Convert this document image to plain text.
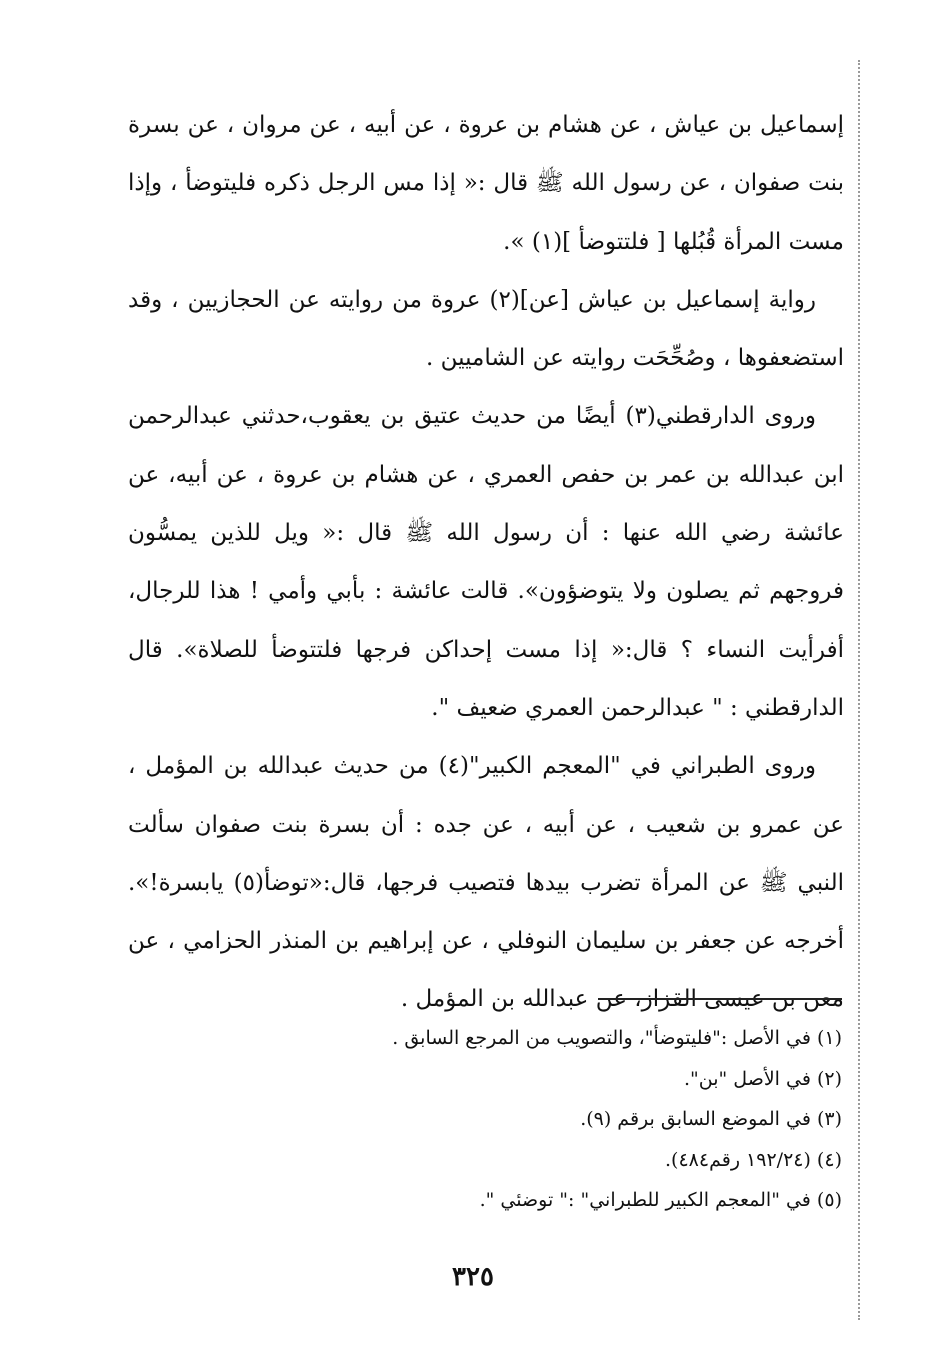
إسماعيل بن عياش ، عن هشام بن عروة ، عن أبيه ، عن مروان ، عن بسرة بنت صفوان ، عن رسول الله ﷺ قال :« إذا مس الرجل ذكره فليتوضأ ، وإذا مست المرأة قُبُلها [ فلتتوضأ ](١) ».

رواية إسماعيل بن عياش [عن](٢) عروة من روايته عن الحجازيين ، وقد استضعفوها ، وصُحِّحَت روايته عن الشاميين .

وروى الدارقطني(٣) أيضًا من حديث عتيق بن يعقوب،حدثني عبدالرحمن ابن عبدالله بن عمر بن حفص العمري ، عن هشام بن عروة ، عن أبيه، عن عائشة رضي الله عنها : أن رسول الله ﷺ قال :« ويل للذين يمسُّون فروجهم ثم يصلون ولا يتوضؤون». قالت عائشة : بأبي وأمي ! هذا للرجال، أفرأيت النساء ؟ قال:« إذا مست إحداكن فرجها فلتتوضأ للصلاة». قال الدارقطني : " عبدالرحمن العمري ضعيف ".

وروى الطبراني في "المعجم الكبير"(٤) من حديث عبدالله بن المؤمل ، عن عمرو بن شعيب ، عن أبيه ، عن جده : أن بسرة بنت صفوان سألت النبي ﷺ عن المرأة تضرب بيدها فتصيب فرجها، قال:«توضأ(٥) يابسرة!». أخرجه عن جعفر بن سليمان النوفلي ، عن إبراهيم بن المنذر الحزامي ، عن معن بن عيسى القزاز، عن عبدالله بن المؤمل .

(١) في الأصل :"فليتوضأ"، والتصويب من المرجع السابق .

(٢) في الأصل "بن".

(٣) في الموضع السابق برقم (٩).

(٤) (١٩٢/٢٤ رقم٤٨٤).

(٥) في "المعجم الكبير للطبراني" :" توضئي ".

٣٢٥
